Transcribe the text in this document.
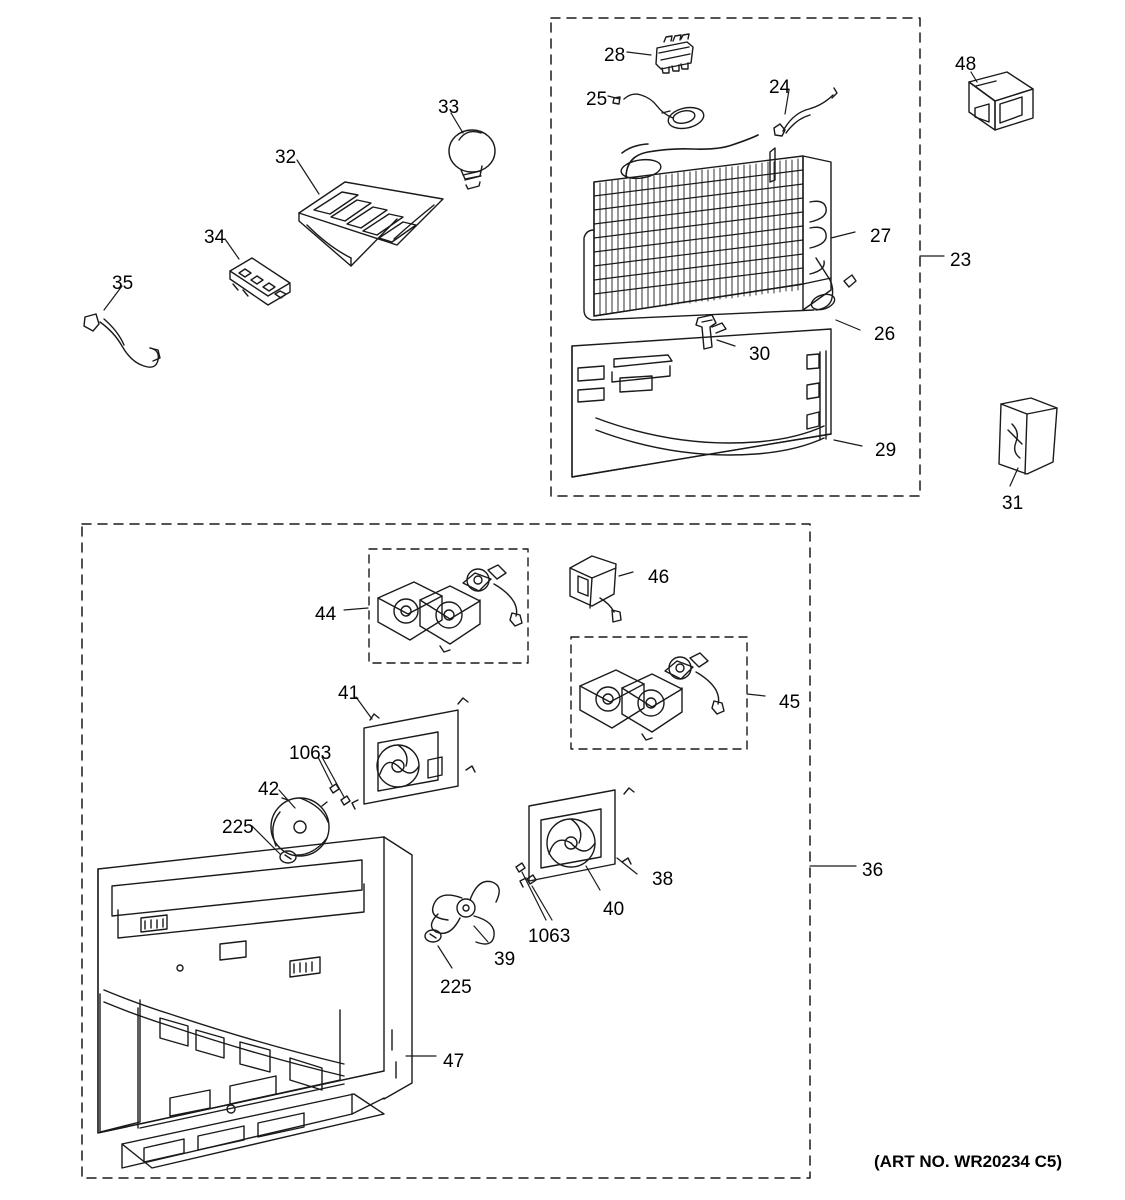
28
25
24
48
33
32
34
35
27
23
26
30
29
31
46
44
45
41
1063
42
225
38
40
36
1063
39
225
47
(ART NO. WR20234 C5)
